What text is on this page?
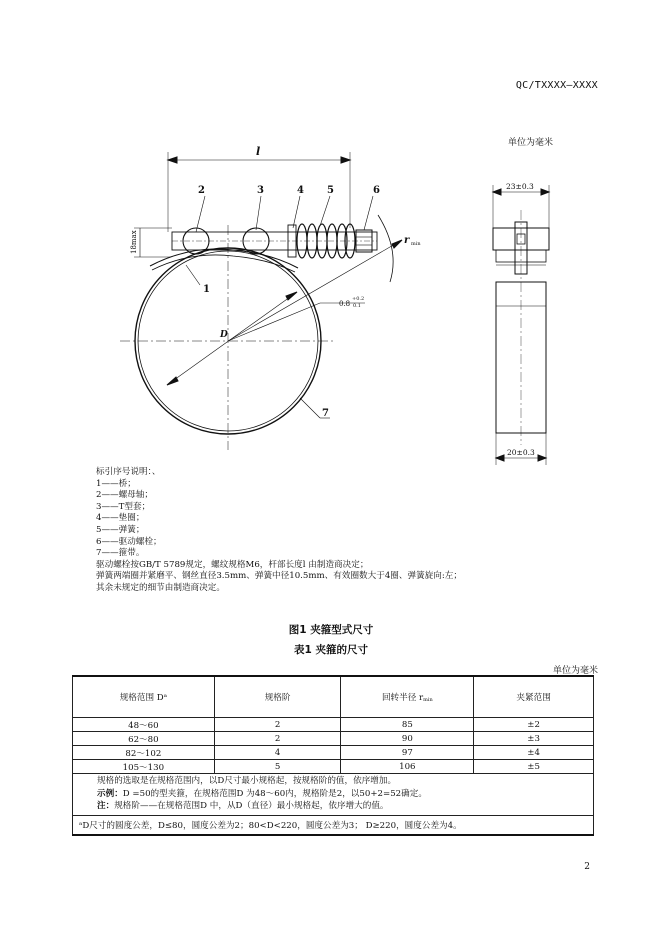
QC/TXXXX—XXXX
单位为毫米
l
2	3	4 5	6
1
7
18max	r min
0.8
+0.2
0.1
D
23±0.3
20±0.3
标引序号说明：、
1——桥；
2——螺母轴；
3——T型套；
4——垫圈；
5——弹簧；
6——驱动螺栓；
7——箍带。
驱动螺栓按GB/T 5789规定，螺纹规格M6，杆部长度l 由制造商决定；
弹簧两端圈并紧磨平、钢丝直径3.5mm、弹簧中径10.5mm、有效圈数大于4圈、弹簧旋向:左；
其余未规定的细节由制造商决定。
图1 夹箍型式尺寸
表1 夹箍的尺寸
单位为毫米
规格范围 Dᵃ	规格阶	回转半径 $r_{min}$	夹紧范围
48～60	2	85	±2
62～80	2	90	±3
82～102	4	97	±4
105～130	5	106	±5

规格的选取是在规格范围内，以D尺寸最小规格起，按规格阶的值，依序增加。
示例：D =50的型夹箍，在规格范围D 为48～60内，规格阶是2，以50+2=52确定。
注：规格阶——在规格范围D 中，从D（直径）最小规格起，依序增大的值。			

ᵃD尺寸的圆度公差，D≤80，圆度公差为2；80<D<220，圆度公差为3； D≥220，圆度公差为4。			
2
